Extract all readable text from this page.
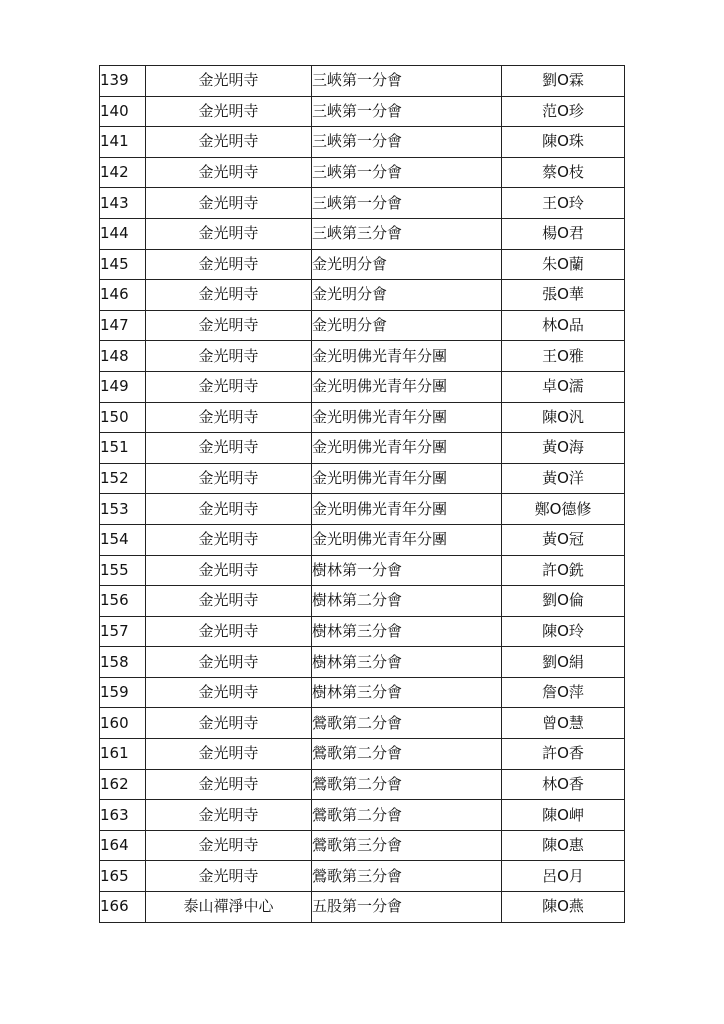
139	金光明寺	三峽第一分會	劉O霖
140	金光明寺	三峽第一分會	范O珍
141	金光明寺	三峽第一分會	陳O珠
142	金光明寺	三峽第一分會	蔡O枝
143	金光明寺	三峽第一分會	王O玲
144	金光明寺	三峽第三分會	楊O君
145	金光明寺	金光明分會	朱O蘭
146	金光明寺	金光明分會	張O華
147	金光明寺	金光明分會	林O品
148	金光明寺	金光明佛光青年分團	王O雅
149	金光明寺	金光明佛光青年分團	卓O濡
150	金光明寺	金光明佛光青年分團	陳O汎
151	金光明寺	金光明佛光青年分團	黃O海
152	金光明寺	金光明佛光青年分團	黃O洋
153	金光明寺	金光明佛光青年分團	鄭O德修
154	金光明寺	金光明佛光青年分團	黃O冠
155	金光明寺	樹林第一分會	許O銑
156	金光明寺	樹林第二分會	劉O倫
157	金光明寺	樹林第三分會	陳O玲
158	金光明寺	樹林第三分會	劉O絹
159	金光明寺	樹林第三分會	詹O萍
160	金光明寺	鶯歌第二分會	曾O慧
161	金光明寺	鶯歌第二分會	許O香
162	金光明寺	鶯歌第二分會	林O香
163	金光明寺	鶯歌第二分會	陳O岬
164	金光明寺	鶯歌第三分會	陳O惠
165	金光明寺	鶯歌第三分會	呂O月
166	泰山禪淨中心	五股第一分會	陳O燕
